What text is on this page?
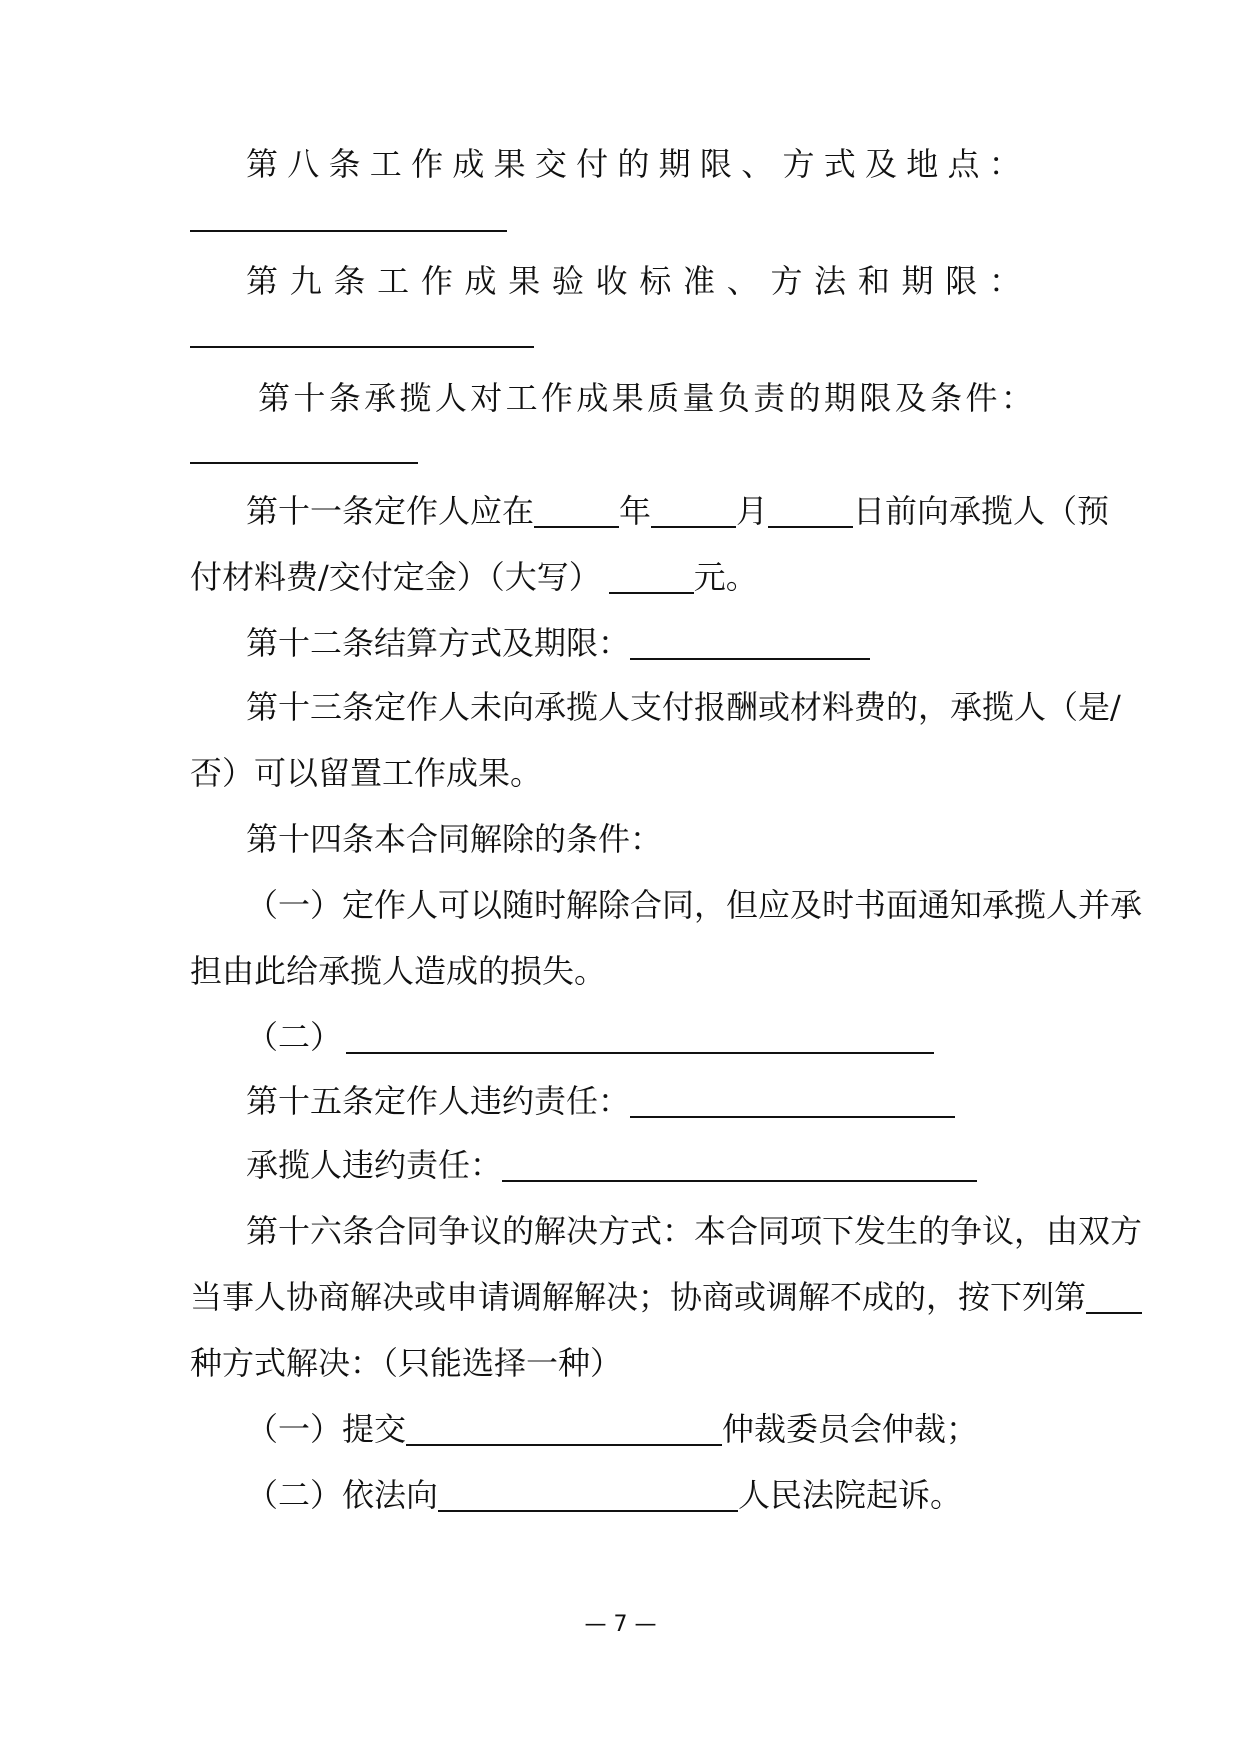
第 八 条 工 作 成 果 交 付 的 期 限 、 方 式 及 地 点 ：
第 九 条 工 作 成 果 验 收 标 准 、 方 法 和 期 限 ：
第 十 条 承 揽 人 对 工 作 成 果 质 量 负 责 的 期 限 及 条 件 ：
第十一条定作人应在	年	月	日前向承揽人（预
付材料费/交付定金）（大写）	元。
第十二条结算方式及期限：
第十三条定作人未向承揽人支付报酬或材料费的，承揽人（是/
否）可以留置工作成果。
第十四条本合同解除的条件：
（一）定作人可以随时解除合同，但应及时书面通知承揽人并承
担由此给承揽人造成的损失。
（二）
第十五条定作人违约责任：
承揽人违约责任：
第十六条合同争议的解决方式：本合同项下发生的争议，由双方
当事人协商解决或申请调解解决；协商或调解不成的，按下列第
种方式解决：（只能选择一种）
（一）提交	仲裁委员会仲裁；
（二）依法向	人民法院起诉。
— 7 —
